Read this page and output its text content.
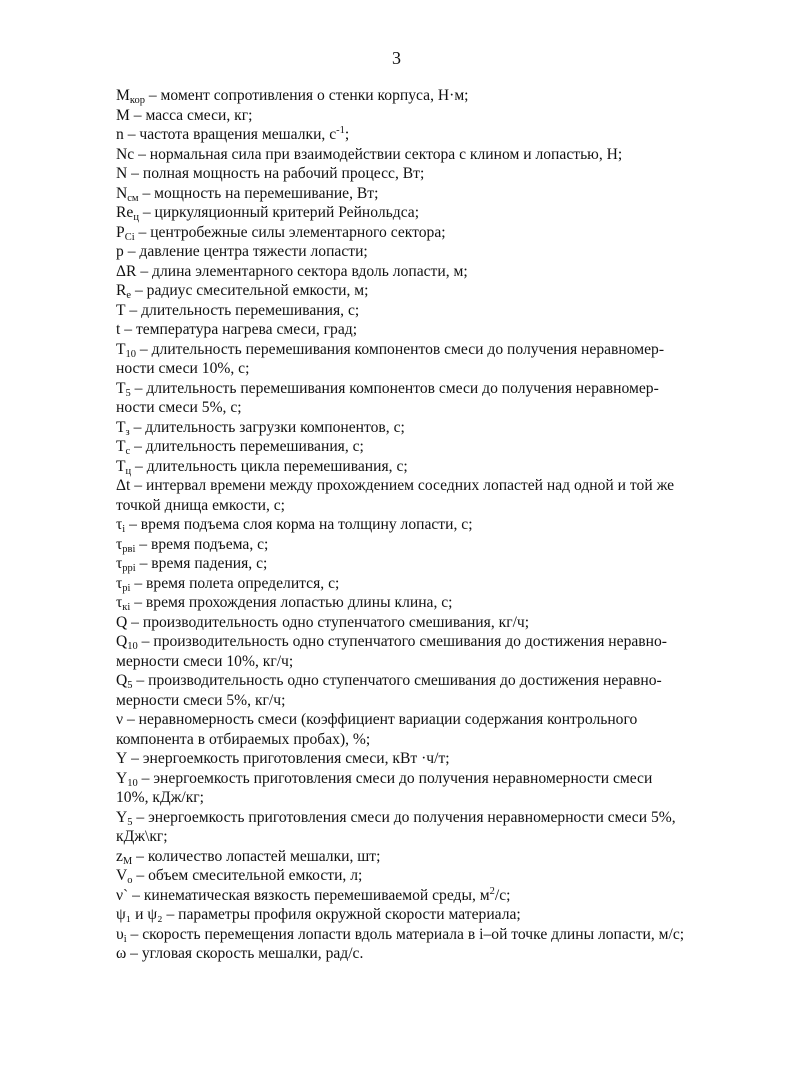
3
$M_{кор}$ – момент сопротивления о стенки корпуса, Н·м;
M – масса смеси, кг;
n – частота вращения мешалки, $с^{-1}$;
Nc – нормальная сила при взаимодействии сектора с клином и лопастью, Н;
N – полная мощность на рабочий процесс, Вт;
$N_{см}$ – мощность на перемешивание, Вт;
$Re_ц$ – циркуляционный критерий Рейнольдса;
$P_{Ci}$ – центробежные силы элементарного сектора;
p – давление центра тяжести лопасти;
ΔR – длина элементарного сектора вдоль лопасти, м;
$R_e$ – радиус смесительной емкости, м;
T – длительность перемешивания, с;
t – температура нагрева смеси, град;
$T_{10}$ – длительность перемешивания компонентов смеси до получения неравномер-
ности смеси 10%, с;
$T_5$ – длительность перемешивания компонентов смеси до получения неравномер-
ности смеси 5%, с;
$T_з$ – длительность загрузки компонентов, с;
$T_с$ – длительность перемешивания, с;
$T_ц$ – длительность цикла перемешивания, с;
Δt – интервал времени между прохождением соседних лопастей над одной и той же
точкой днища емкости, с;
$\tau_i$ – время подъема слоя корма на толщину лопасти, с;
$\tau_{pвi}$ – время подъема, с;
$\tau_{ppi}$ – время падения, с;
$\tau_{pi}$ – время полета определится, с;
$\tau_{кi}$ – время прохождения лопастью длины клина, с;
Q – производительность одно ступенчатого смешивания, кг/ч;
$Q_{10}$ – производительность одно ступенчатого смешивания до достижения неравно-
мерности смеси 10%, кг/ч;
$Q_5$ – производительность одно ступенчатого смешивания до достижения неравно-
мерности смеси 5%, кг/ч;
ν – неравномерность смеси (коэффициент вариации содержания контрольного
компонента в отбираемых пробах), %;
Y – энергоемкость приготовления смеси, кВт ·ч/т;
$Y_{10}$ – энергоемкость приготовления смеси до получения неравномерности смеси
10%, кДж/кг;
$Y_5$ – энергоемкость приготовления смеси до получения неравномерности смеси 5%,
кДж\кг;
$z_M$ – количество лопастей мешалки, шт;
$V_о$ – объем смесительной емкости, л;
ν` – кинематическая вязкость перемешиваемой среды, $м^2/с$;
ψ₁ и ψ₂ – параметры профиля окружной скорости материала;
$\upsilon_i$ – скорость перемещения лопасти вдоль материала в i–ой точке длины лопасти, м/с;
ω – угловая скорость мешалки, рад/с.
